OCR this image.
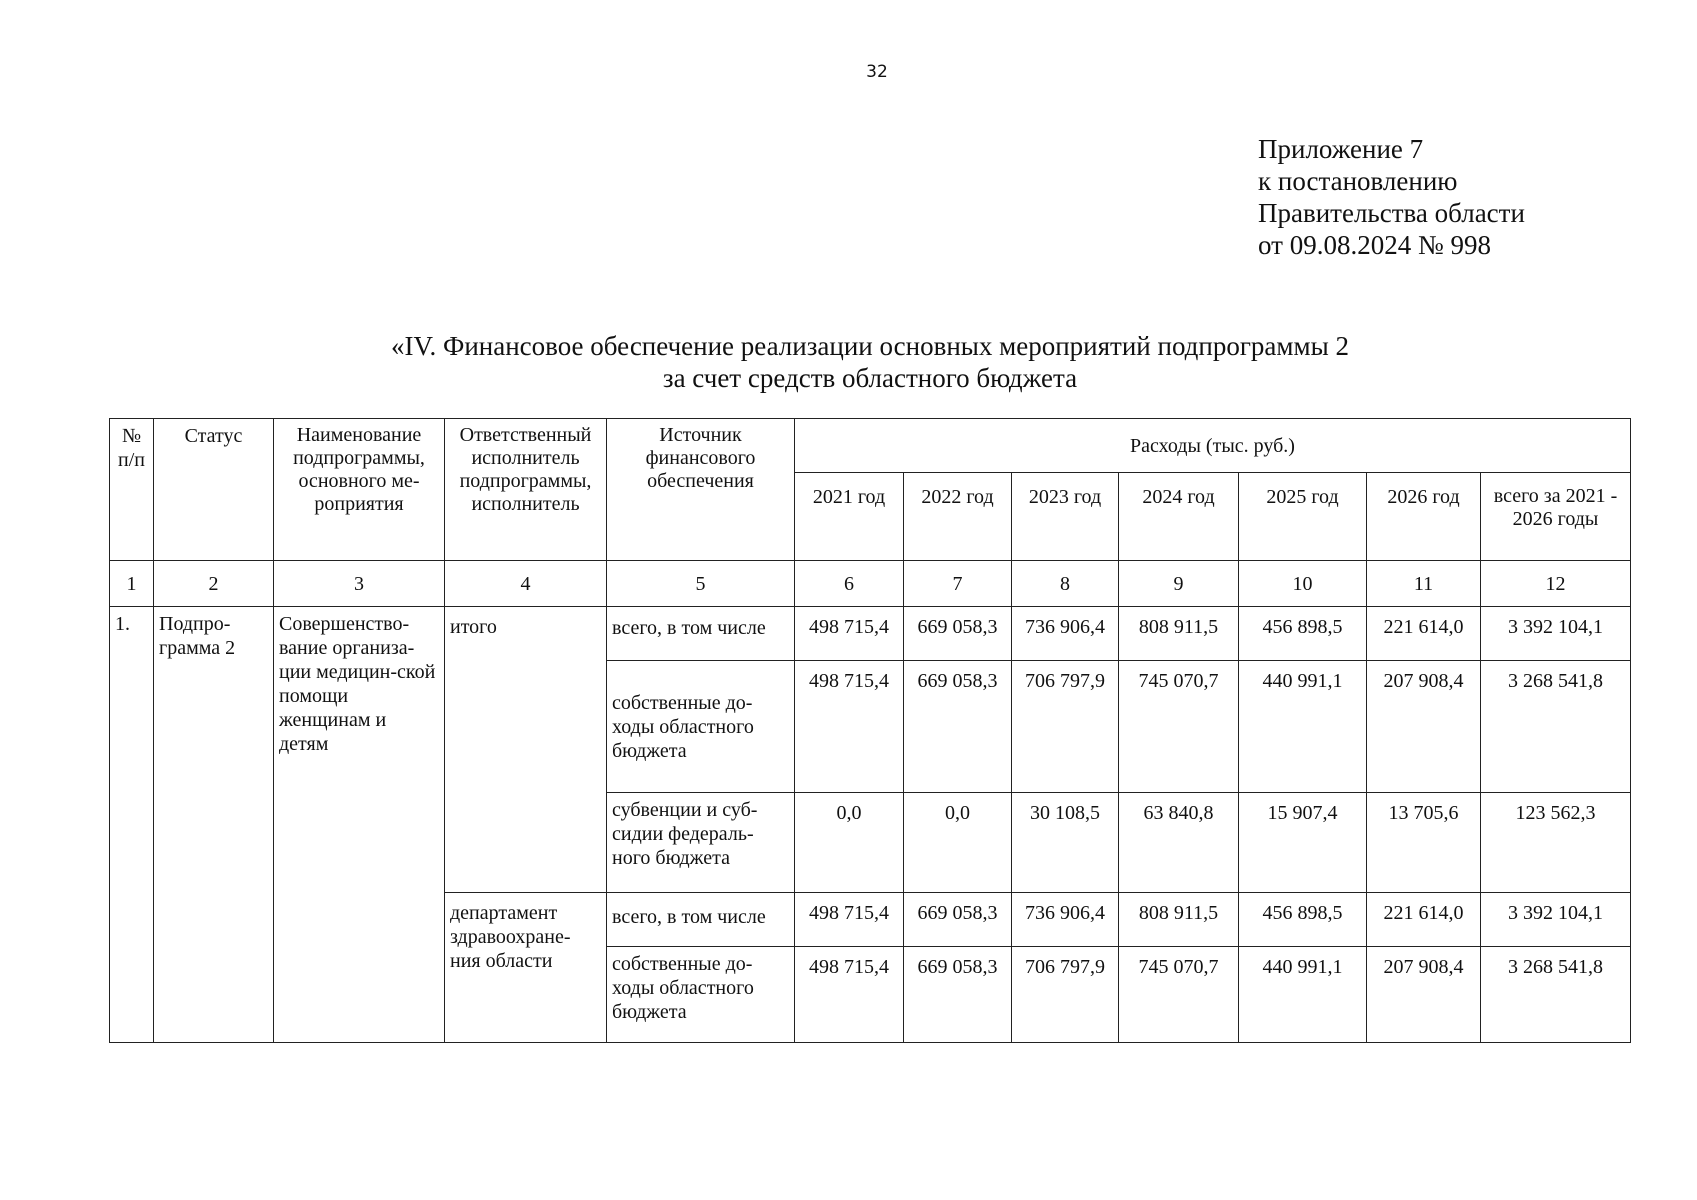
32
Приложение 7
к постановлению
Правительства области
от 09.08.2024 № 998
«IV. Финансовое обеспечение реализации основных мероприятий подпрограммы 2
за счет средств областного бюджета
№ п/п	Статус	Наименование подпрограммы, основного ме-роприятия	Ответственный исполнитель подпрограммы, исполнитель	Источник финансового обеспечения	Расходы (тыс. руб.)						
					2021 год	2022 год	2023 год	2024 год	2025 год	2026 год	всего за 2021 - 2026 годы
1	2	3	4	5	6	7	8	9	10	11	12
1.	Подпро-грамма 2	Совершенство-вание организа-ции медицин-ской помощи женщинам и детям	итого	всего, в том числе	498 715,4	669 058,3	736 906,4	808 911,5	456 898,5	221 614,0	3 392 104,1
				собственные до-ходы областного бюджета	498 715,4	669 058,3	706 797,9	745 070,7	440 991,1	207 908,4	3 268 541,8
				субвенции и суб-сидии федераль-ного бюджета	0,0	0,0	30 108,5	63 840,8	15 907,4	13 705,6	123 562,3
			департамент здравоохране-ния области	всего, в том числе	498 715,4	669 058,3	736 906,4	808 911,5	456 898,5	221 614,0	3 392 104,1
				собственные до-ходы областного бюджета	498 715,4	669 058,3	706 797,9	745 070,7	440 991,1	207 908,4	3 268 541,8
